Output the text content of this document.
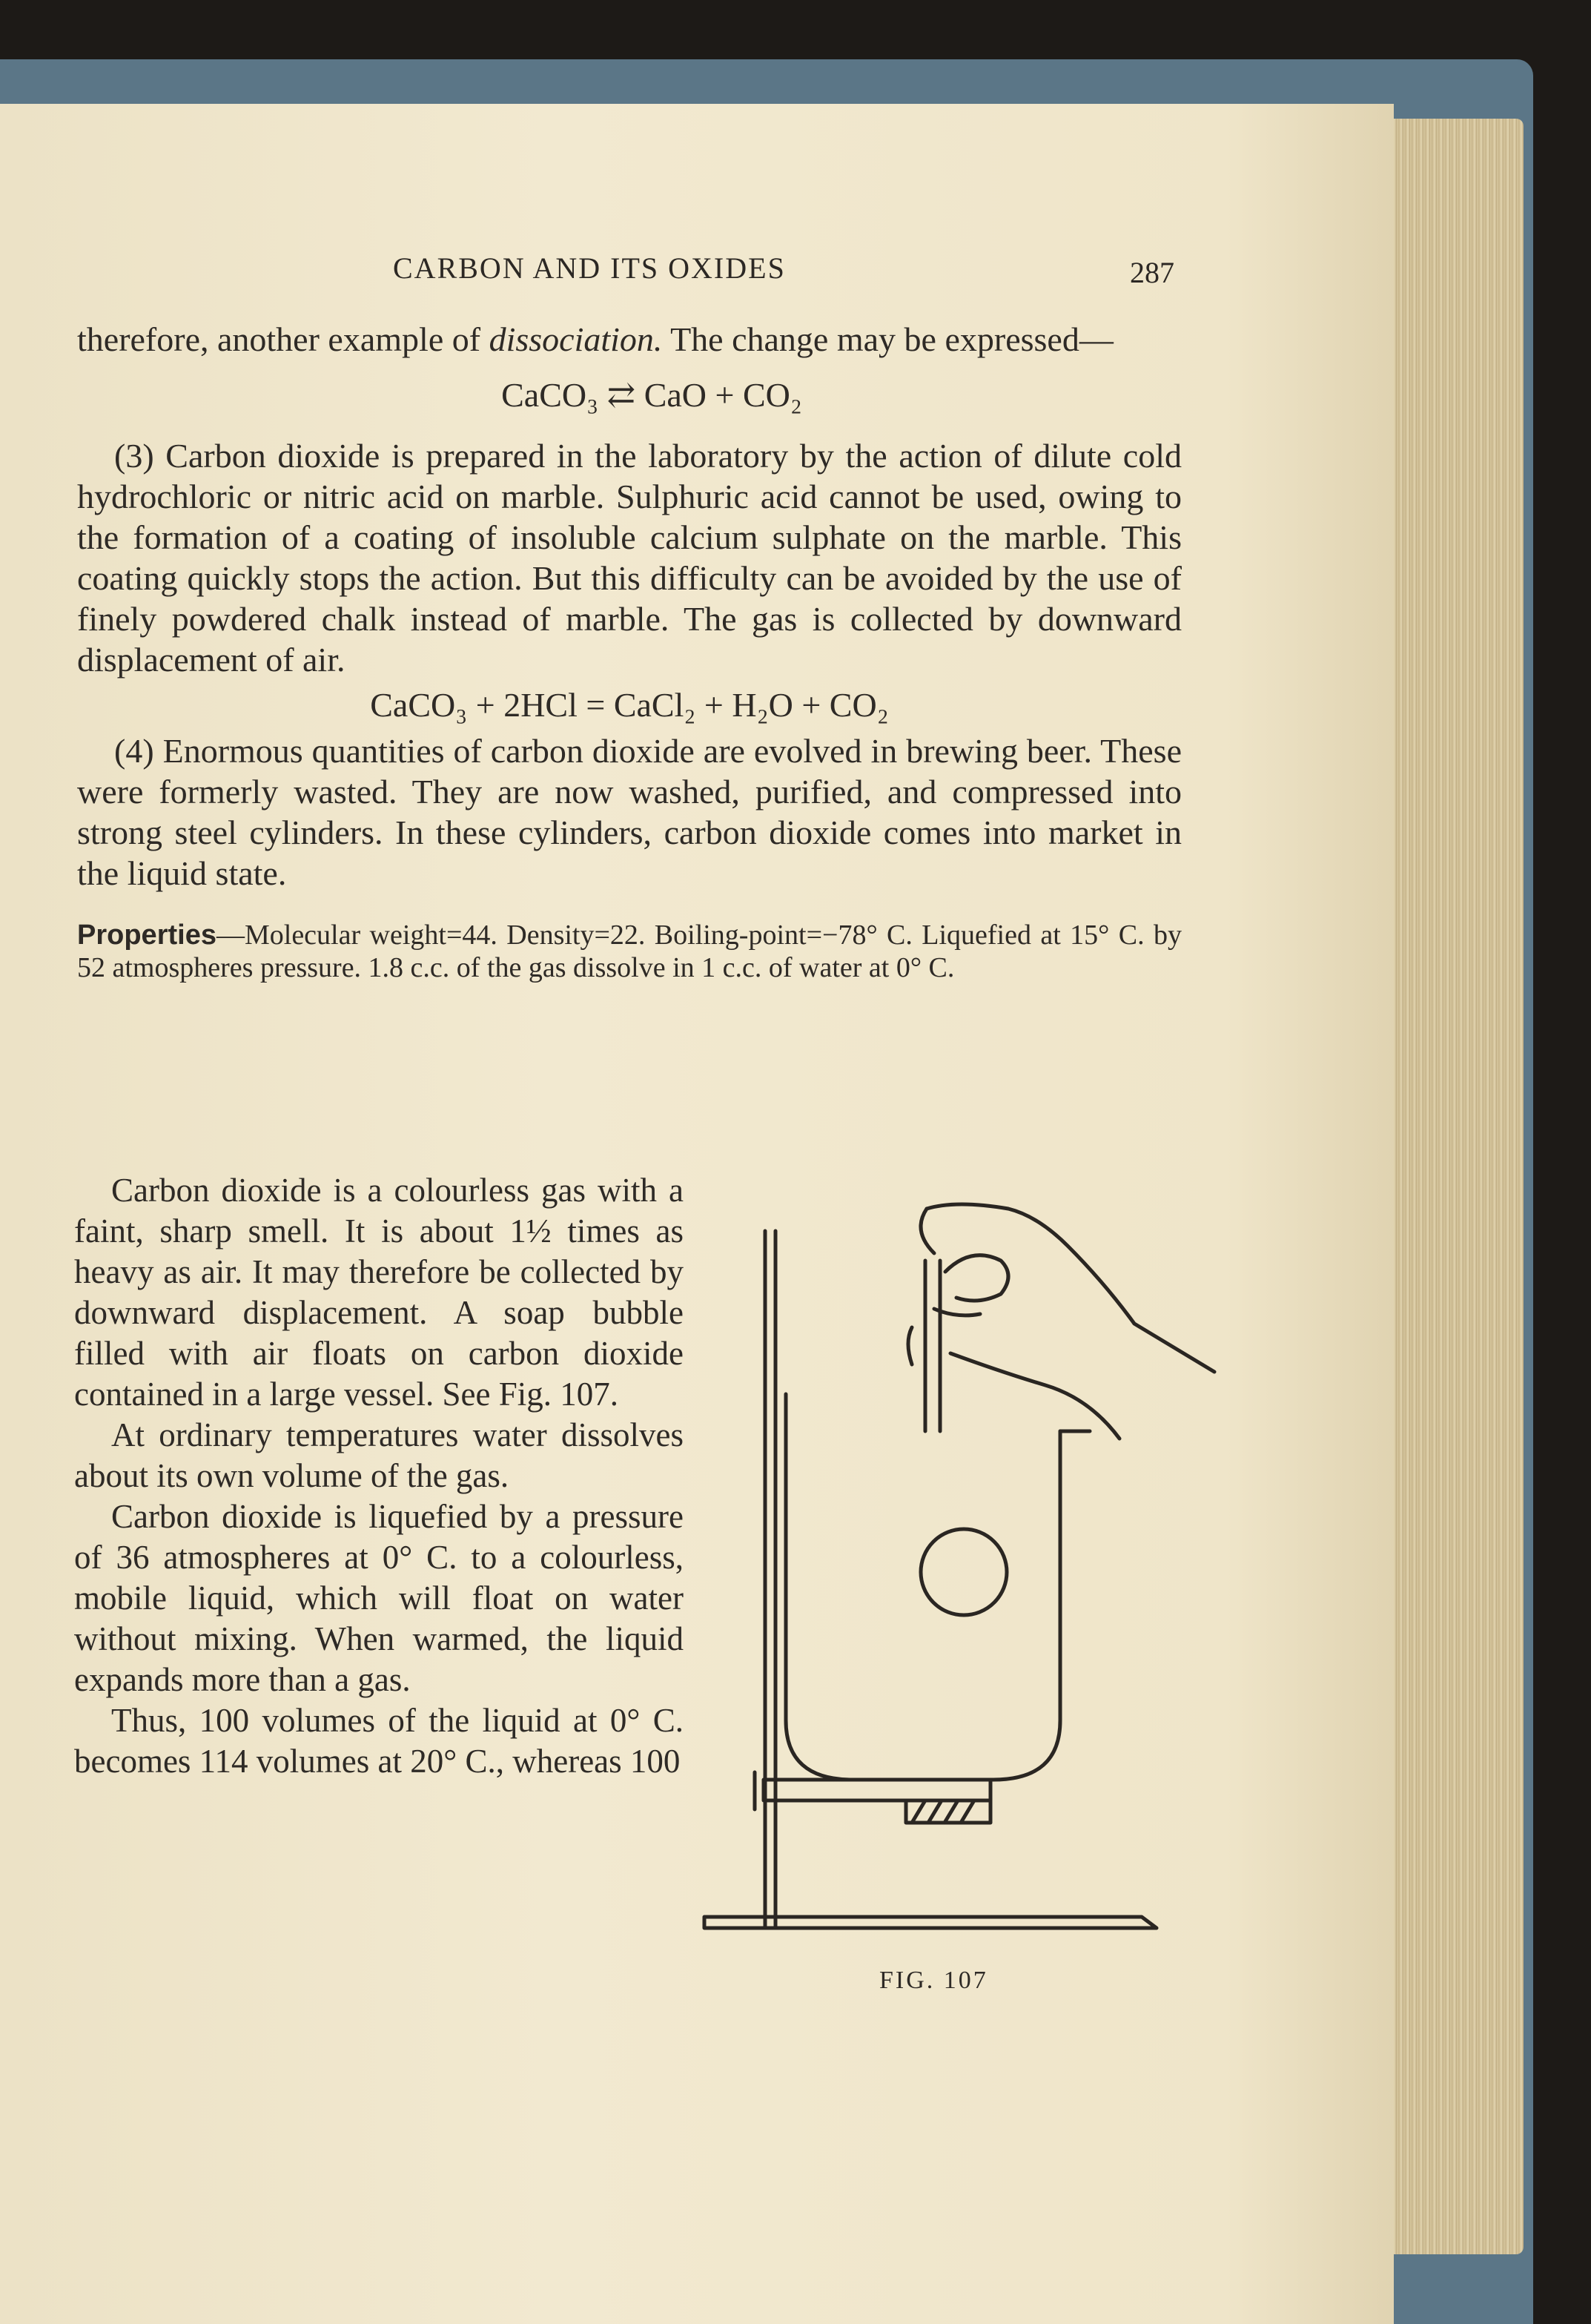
CARBON AND ITS OXIDES	287

therefore, another example of dissociation. The change may be expressed—

CaCO₃ ⇄ CaO + CO₂

(3) Carbon dioxide is prepared in the laboratory by the action of dilute cold hydrochloric or nitric acid on marble. Sulphuric acid cannot be used, owing to the formation of a coating of insoluble calcium sulphate on the marble. This coating quickly stops the action. But this difficulty can be avoided by the use of finely powdered chalk instead of marble. The gas is collected by downward displacement of air.

CaCO₃ + 2HCl = CaCl₂ + H₂O + CO₂

(4) Enormous quantities of carbon dioxide are evolved in brewing beer. These were formerly wasted. They are now washed, purified, and compressed into strong steel cylinders. In these cylinders, carbon dioxide comes into market in the liquid state.

Properties—Molecular weight=44. Density=22. Boiling-point=−78° C. Liquefied at 15° C. by 52 atmospheres pressure. 1.8 c.c. of the gas dissolve in 1 c.c. of water at 0° C.

Carbon dioxide is a colourless gas with a faint, sharp smell. It is about 1½ times as heavy as air. It may therefore be collected by downward displacement. A soap bubble filled with air floats on carbon dioxide contained in a large vessel. See Fig. 107.

At ordinary temperatures water dissolves about its own volume of the gas.

Carbon dioxide is liquefied by a pressure of 36 atmospheres at 0° C. to a colourless, mobile liquid, which will float on water without mixing. When warmed, the liquid expands more than a gas.

Thus, 100 volumes of the liquid at 0° C. becomes 114 volumes at 20° C., whereas 100

FIG. 107
